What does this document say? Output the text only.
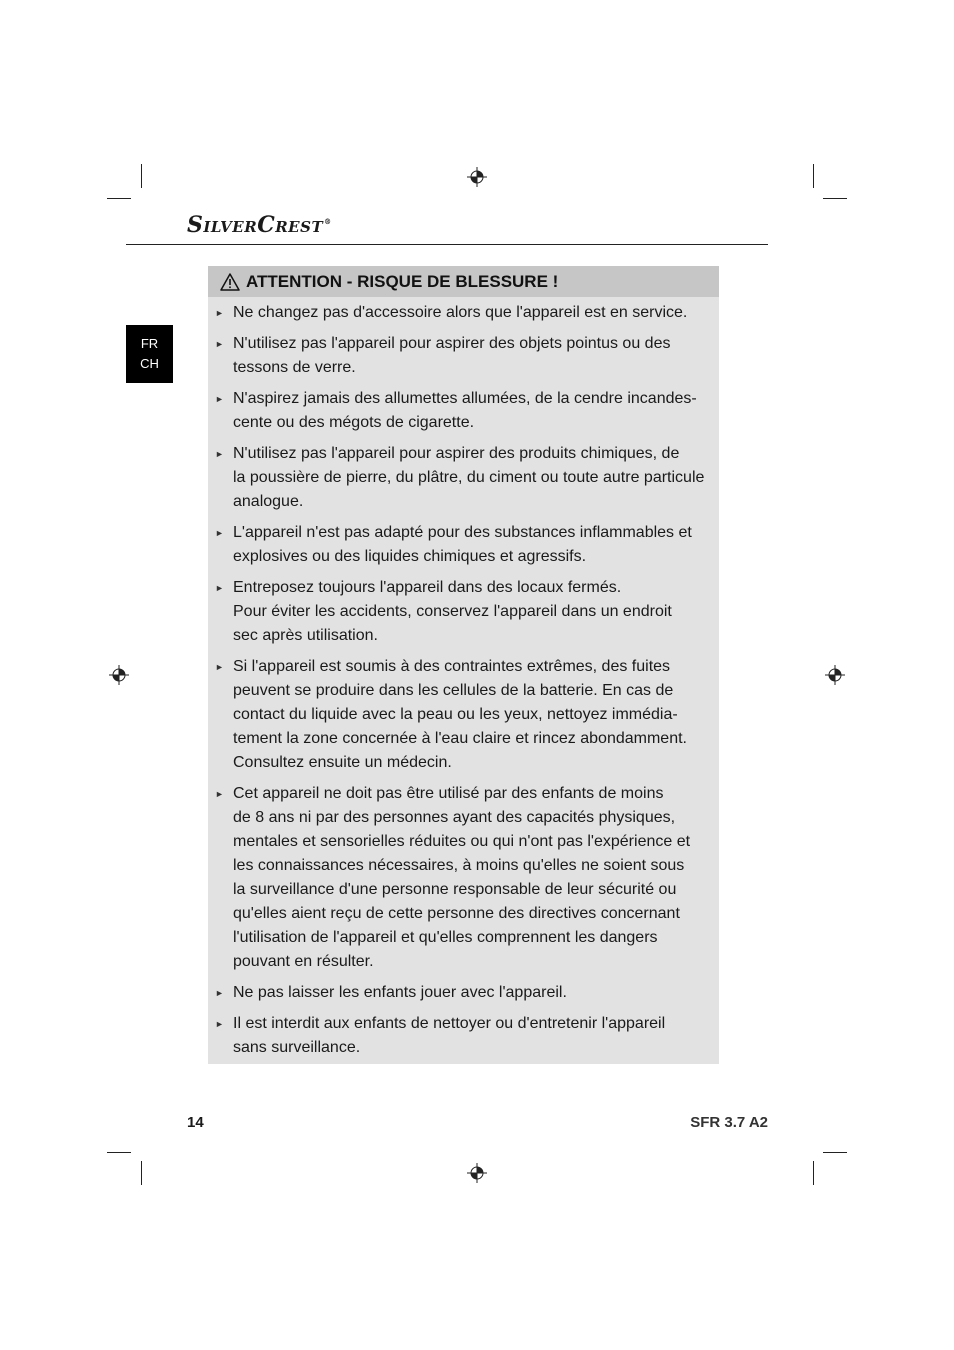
SilverCrest®
FR
CH
ATTENTION - RISQUE DE BLESSURE !
► Ne changez pas d'accessoire alors que l'appareil est en service.
► N'utilisez pas l'appareil pour aspirer des objets pointus ou des
tessons de verre.
► N'aspirez jamais des allumettes allumées, de la cendre incandes-
cente ou des mégots de cigarette.
► N'utilisez pas l'appareil pour aspirer des produits chimiques, de
la poussière de pierre, du plâtre, du ciment ou toute autre particule
analogue.
► L'appareil n'est pas adapté pour des substances inflammables et
explosives ou des liquides chimiques et agressifs.
► Entreposez toujours l'appareil dans des locaux fermés.
Pour éviter les accidents, conservez l'appareil dans un endroit
sec après utilisation.
► Si l'appareil est soumis à des contraintes extrêmes, des fuites
peuvent se produire dans les cellules de la batterie. En cas de
contact du liquide avec la peau ou les yeux, nettoyez immédia-
tement la zone concernée à l'eau claire et rincez abondamment.
Consultez ensuite un médecin.
► Cet appareil ne doit pas être utilisé par des enfants de moins
de 8 ans ni par des personnes ayant des capacités physiques,
mentales et sensorielles réduites ou qui n'ont pas l'expérience et
les connaissances nécessaires, à moins qu'elles ne soient sous
la surveillance d'une personne responsable de leur sécurité ou
qu'elles aient reçu de cette personne des directives concernant
l'utilisation de l'appareil et qu'elles comprennent les dangers
pouvant en résulter.
► Ne pas laisser les enfants jouer avec l'appareil.
► Il est interdit aux enfants de nettoyer ou d'entretenir l'appareil
sans surveillance.
14	SFR 3.7 A2
